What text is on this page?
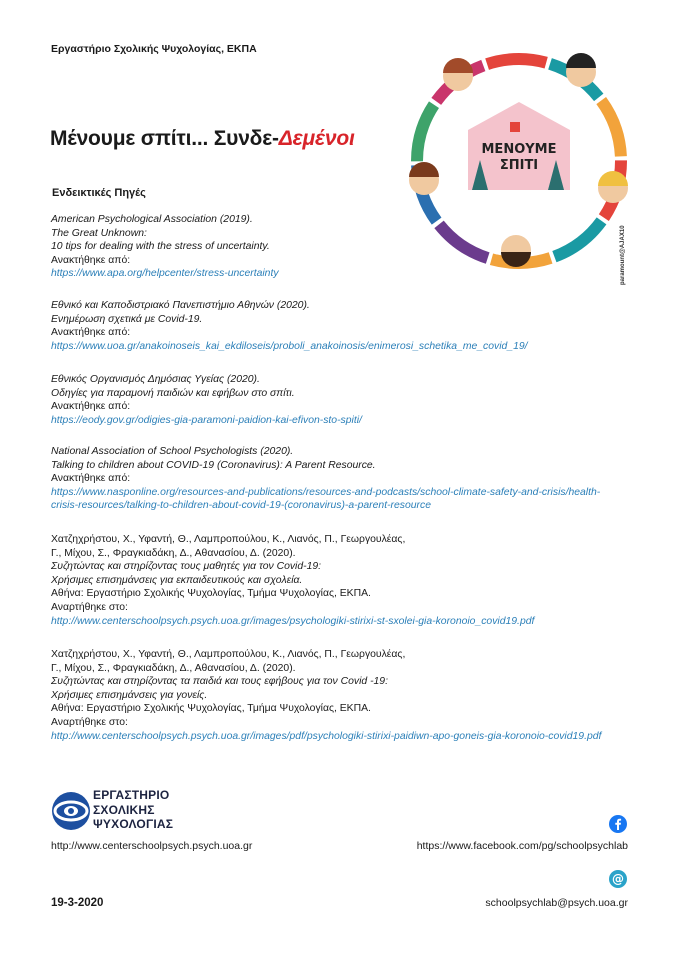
Εργαστήριο Σχολικής Ψυχολογίας, ΕΚΠΑ
Μένουμε σπίτι... Συνδε-Δεμένοι	ΜΕΝΟΥΜΕ
ΣΠΙΤΙ
paramount@AJAX10
Ενδεικτικές Πηγές
American Psychological Association (2019).
The Great Unknown:
10 tips for dealing with the stress of uncertainty.
Ανακτήθηκε από:
https://www.apa.org/helpcenter/stress-uncertainty
Εθνικό και Καποδιστριακό Πανεπιστήμιο Αθηνών (2020).
Ενημέρωση σχετικά με Covid-19.
Ανακτήθηκε από:
https://www.uoa.gr/anakoinoseis_kai_ekdiloseis/proboli_anakoinosis/enimerosi_schetika_me_covid_19/
Εθνικός Οργανισμός Δημόσιας Υγείας (2020).
Οδηγίες για παραμονή παιδιών και εφήβων στο σπίτι.
Ανακτήθηκε από:
https://eody.gov.gr/odigies-gia-paramoni-paidion-kai-efivon-sto-spiti/
National Association of School Psychologists (2020).
Talking to children about COVID-19 (Coronavirus): A Parent Resource.
Ανακτήθηκε από:
https://www.nasponline.org/resources-and-publications/resources-and-podcasts/school-climate-safety-and-crisis/health-
crisis-resources/talking-to-children-about-covid-19-(coronavirus)-a-parent-resource
Χατζηχρήστου, Χ., Υφαντή, Θ., Λαμπροπούλου, Κ., Λιανός, Π., Γεωργουλέας,
Γ., Μίχου, Σ., Φραγκιαδάκη, Δ., Αθανασίου, Δ. (2020).
Συζητώντας και στηρίζοντας τους μαθητές για τον Covid-19:
Χρήσιμες επισημάνσεις για εκπαιδευτικούς και σχολεία.
Αθήνα: Εργαστήριο Σχολικής Ψυχολογίας, Τμήμα Ψυχολογίας, ΕΚΠΑ.
Αναρτήθηκε στο:
http://www.centerschoolpsych.psych.uoa.gr/images/psychologiki-stirixi-st-sxolei-gia-koronoio_covid19.pdf
Χατζηχρήστου, Χ., Υφαντή, Θ., Λαμπροπούλου, Κ., Λιανός, Π., Γεωργουλέας,
Γ., Μίχου, Σ., Φραγκιαδάκη, Δ., Αθανασίου, Δ. (2020).
Συζητώντας και στηρίζοντας τα παιδιά και τους εφήβους για τον Covid -19:
Χρήσιμες επισημάνσεις για γονείς.
Αθήνα: Εργαστήριο Σχολικής Ψυχολογίας, Τμήμα Ψυχολογίας, ΕΚΠΑ.
Αναρτήθηκε στο:
http://www.centerschoolpsych.psych.uoa.gr/images/pdf/psychologiki-stirixi-paidiwn-apo-goneis-gia-koronoio-covid19.pdf
ΕΡΓΑΣΤΗΡΙΟ
ΣΧΟΛΙΚΗΣ
ΨΥΧΟΛΟΓΙΑΣ
@
http://www.centerschoolpsych.psych.uoa.gr	https://www.facebook.com/pg/schoolpsychlab
19-3-2020	schoolpsychlab@psych.uoa.gr
